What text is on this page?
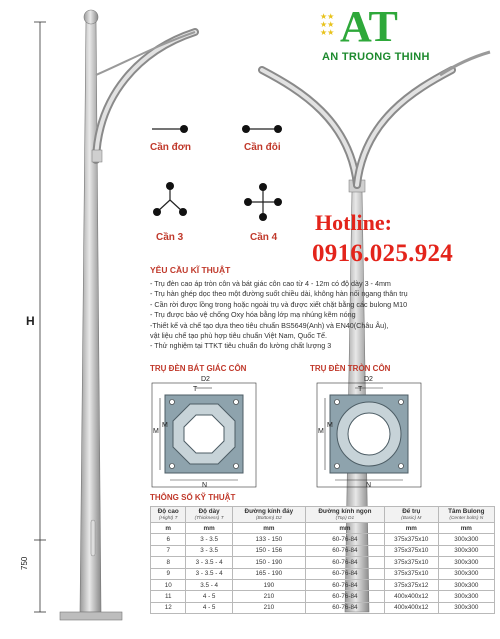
★★
★★
★★ AT
AN TRUONG THINH
H
750
Cần đơn	Cần đôi
Cần 3	Cần 4
Hotline:
0916.025.924
YÊU CẦU KĨ THUẬT
- Trụ đèn cao áp tròn côn và bát giác côn cao từ 4 - 12m có độ dày 3 - 4mm
- Trụ hàn ghép dọc theo một đường suốt chiều dài, không hàn nối ngang thân trụ
- Cần rời được lồng trong hoặc ngoài trụ và được xiết chặt bằng các bulong M10
- Trụ được bảo vệ chống Oxy hóa bằng lớp mạ nhúng kẽm nóng
-Thiết kế và chế tạo dựa theo tiêu chuẩn BS5649(Anh) và EN40(Châu Âu),
vật liệu chế tạo phù hợp tiêu chuẩn Việt Nam, Quốc Tế.
- Thử nghiệm tại TTKT tiêu chuẩn đo lường chất lượng 3
TRỤ ĐÈN BÁT GIÁC CÔN	TRỤ ĐÈN TRÒN CÔN
D2
T
M
M
N
D2
T
M
M
N
THÔNG SỐ KỸ THUẬT
Độ cao
(Hight) T	Độ dày
(Thickness) T	Đường kính đáy
(Bottom) D2	Đường kính ngọn
(Top) D1	Đế trụ
(Basic) M	Tâm Bulong
(Center bolts) N

m	mm	mm	mm	mm	mm
6	3 - 3.5	133 - 150	60-76-84	375x375x10	300x300
7	3 - 3.5	150 - 156	60-76-84	375x375x10	300x300
8	3 - 3.5 - 4	150 - 190	60-76-84	375x375x10	300x300
9	3 - 3.5 - 4	165 - 190	60-76-84	375x375x10	300x300
10	3.5 - 4	190	60-76-84	375x375x12	300x300
11	4 - 5	210	60-76-84	400x400x12	300x300
12	4 - 5	210	60-76-84	400x400x12	300x300
